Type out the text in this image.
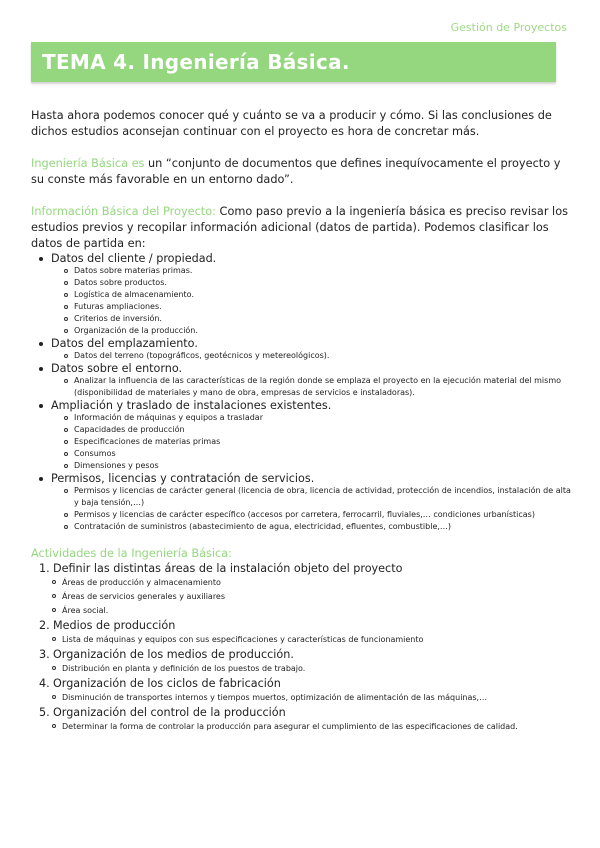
Gestión de Proyectos
TEMA 4. Ingeniería Básica.

Hasta ahora podemos conocer qué y cuánto se va a producir y cómo. Si las conclusiones de dichos estudios aconsejan continuar con el proyecto es hora de concretar más.

Ingeniería Básica es un “conjunto de documentos que defines inequívocamente el proyecto y su conste más favorable en un entorno dado”.

Información Básica del Proyecto: Como paso previo a la ingeniería básica es preciso revisar los estudios previos y recopilar información adicional (datos de partida). Podemos clasificar los datos de partida en:

Datos del cliente / propiedad.
Datos sobre materias primas.
Datos sobre productos.
Logística de almacenamiento.
Futuras ampliaciones.
Criterios de inversión.
Organización de la producción.
Datos del emplazamiento.
Datos del terreno (topográficos, geotécnicos y metereológicos).
Datos sobre el entorno.
Analizar la influencia de las características de la región donde se emplaza el proyecto en la ejecución material del mismo (disponibilidad de materiales y mano de obra, empresas de servicios e instaladoras).
Ampliación y traslado de instalaciones existentes.
Información de máquinas y equipos a trasladar
Capacidades de producción
Especificaciones de materias primas
Consumos
Dimensiones y pesos
Permisos, licencias y contratación de servicios.
Permisos y licencias de carácter general (licencia de obra, licencia de actividad, protección de incendios, instalación de alta y baja tensión,…)
Permisos y licencias de carácter específico (accesos por carretera, ferrocarril, fluviales,… condiciones urbanísticas)
Contratación de suministros (abastecimiento de agua, electricidad, efluentes, combustible,…)

Actividades de la Ingeniería Básica:

1. Definir las distintas áreas de la instalación objeto del proyecto
Áreas de producción y almacenamiento
Áreas de servicios generales y auxiliares
Área social.
2. Medios de producción
Lista de máquinas y equipos con sus especificaciones y características de funcionamiento
3. Organización de los medios de producción.
Distribución en planta y definición de los puestos de trabajo.
4. Organización de los ciclos de fabricación
Disminución de transportes internos y tiempos muertos, optimización de alimentación de las máquinas,…
5. Organización del control de la producción
Determinar la forma de controlar la producción para asegurar el cumplimiento de las especificaciones de calidad.
